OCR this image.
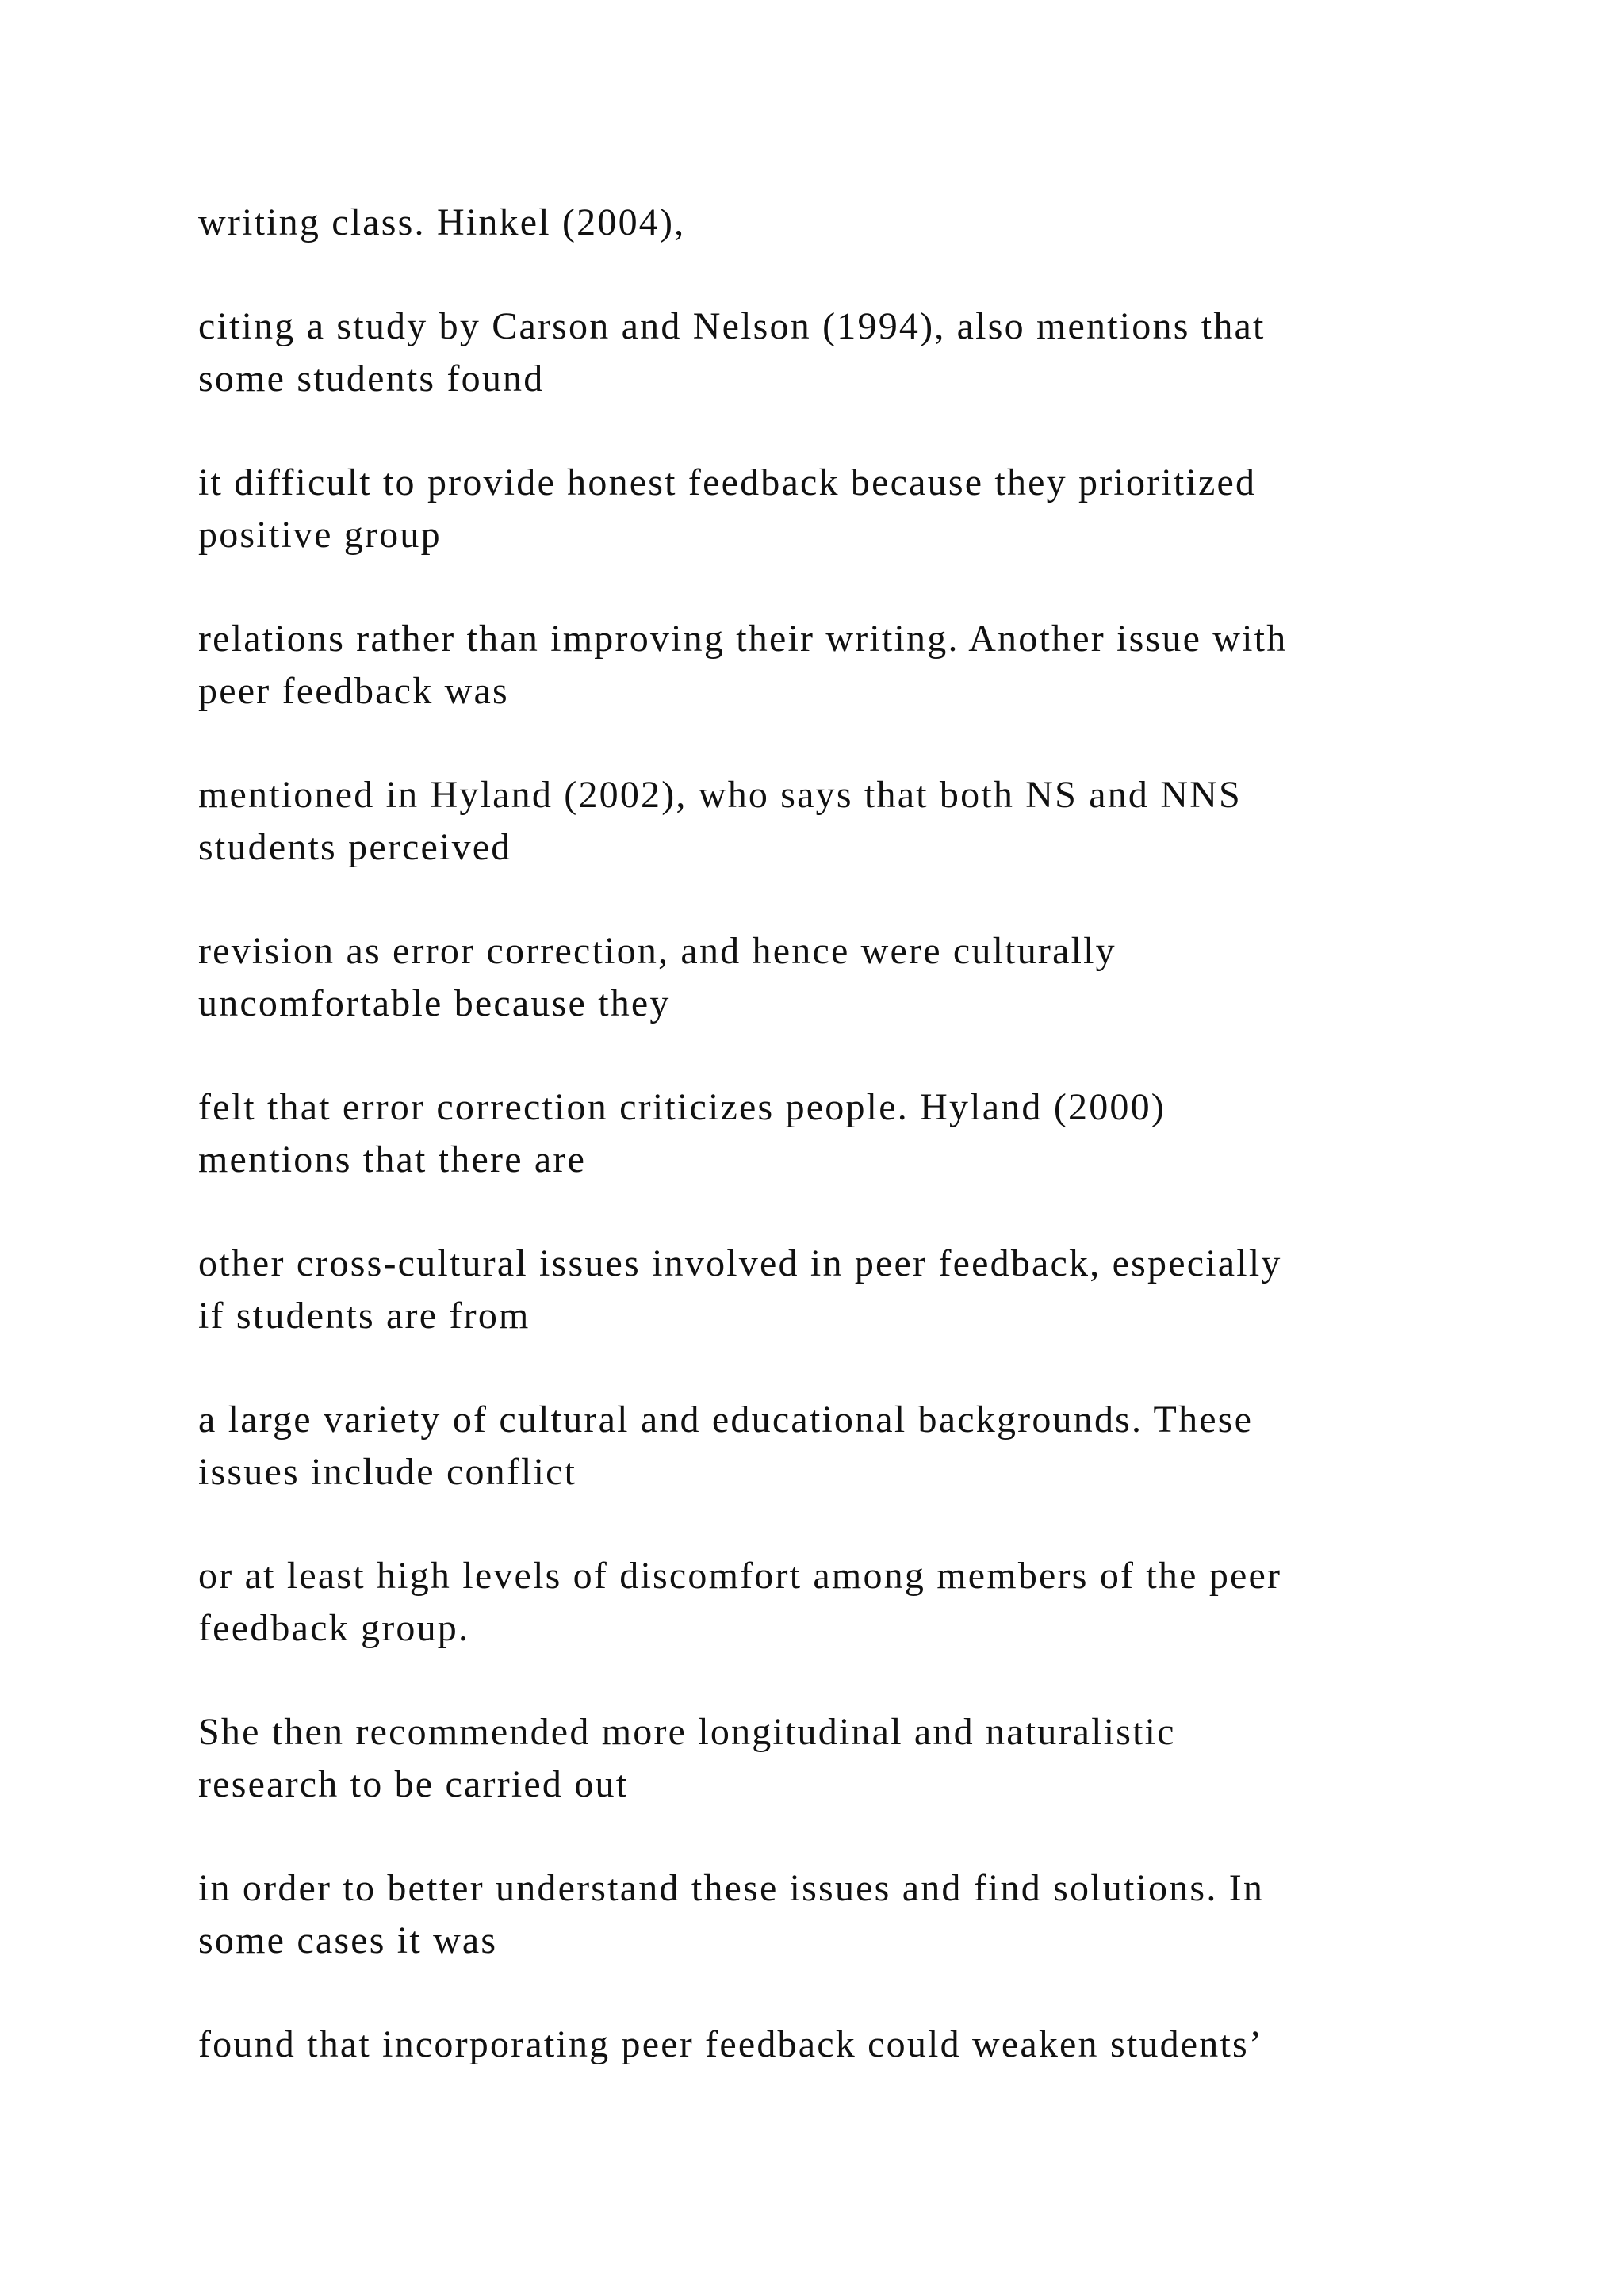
writing class. Hinkel (2004),

citing a study by Carson and Nelson (1994), also mentions that
some students found

it difficult to provide honest feedback because they prioritized
positive group

relations rather than improving their writing. Another issue with
peer feedback was

mentioned in Hyland (2002), who says that both NS and NNS
students perceived

revision as error correction, and hence were culturally
uncomfortable because they

felt that error correction criticizes people. Hyland (2000)
mentions that there are

other cross-cultural issues involved in peer feedback, especially
if students are from

a large variety of cultural and educational backgrounds. These
issues include conflict

or at least high levels of discomfort among members of the peer
feedback group.

She then recommended more longitudinal and naturalistic
research to be carried out

in order to better understand these issues and find solutions. In
some cases it was

found that incorporating peer feedback could weaken students’
